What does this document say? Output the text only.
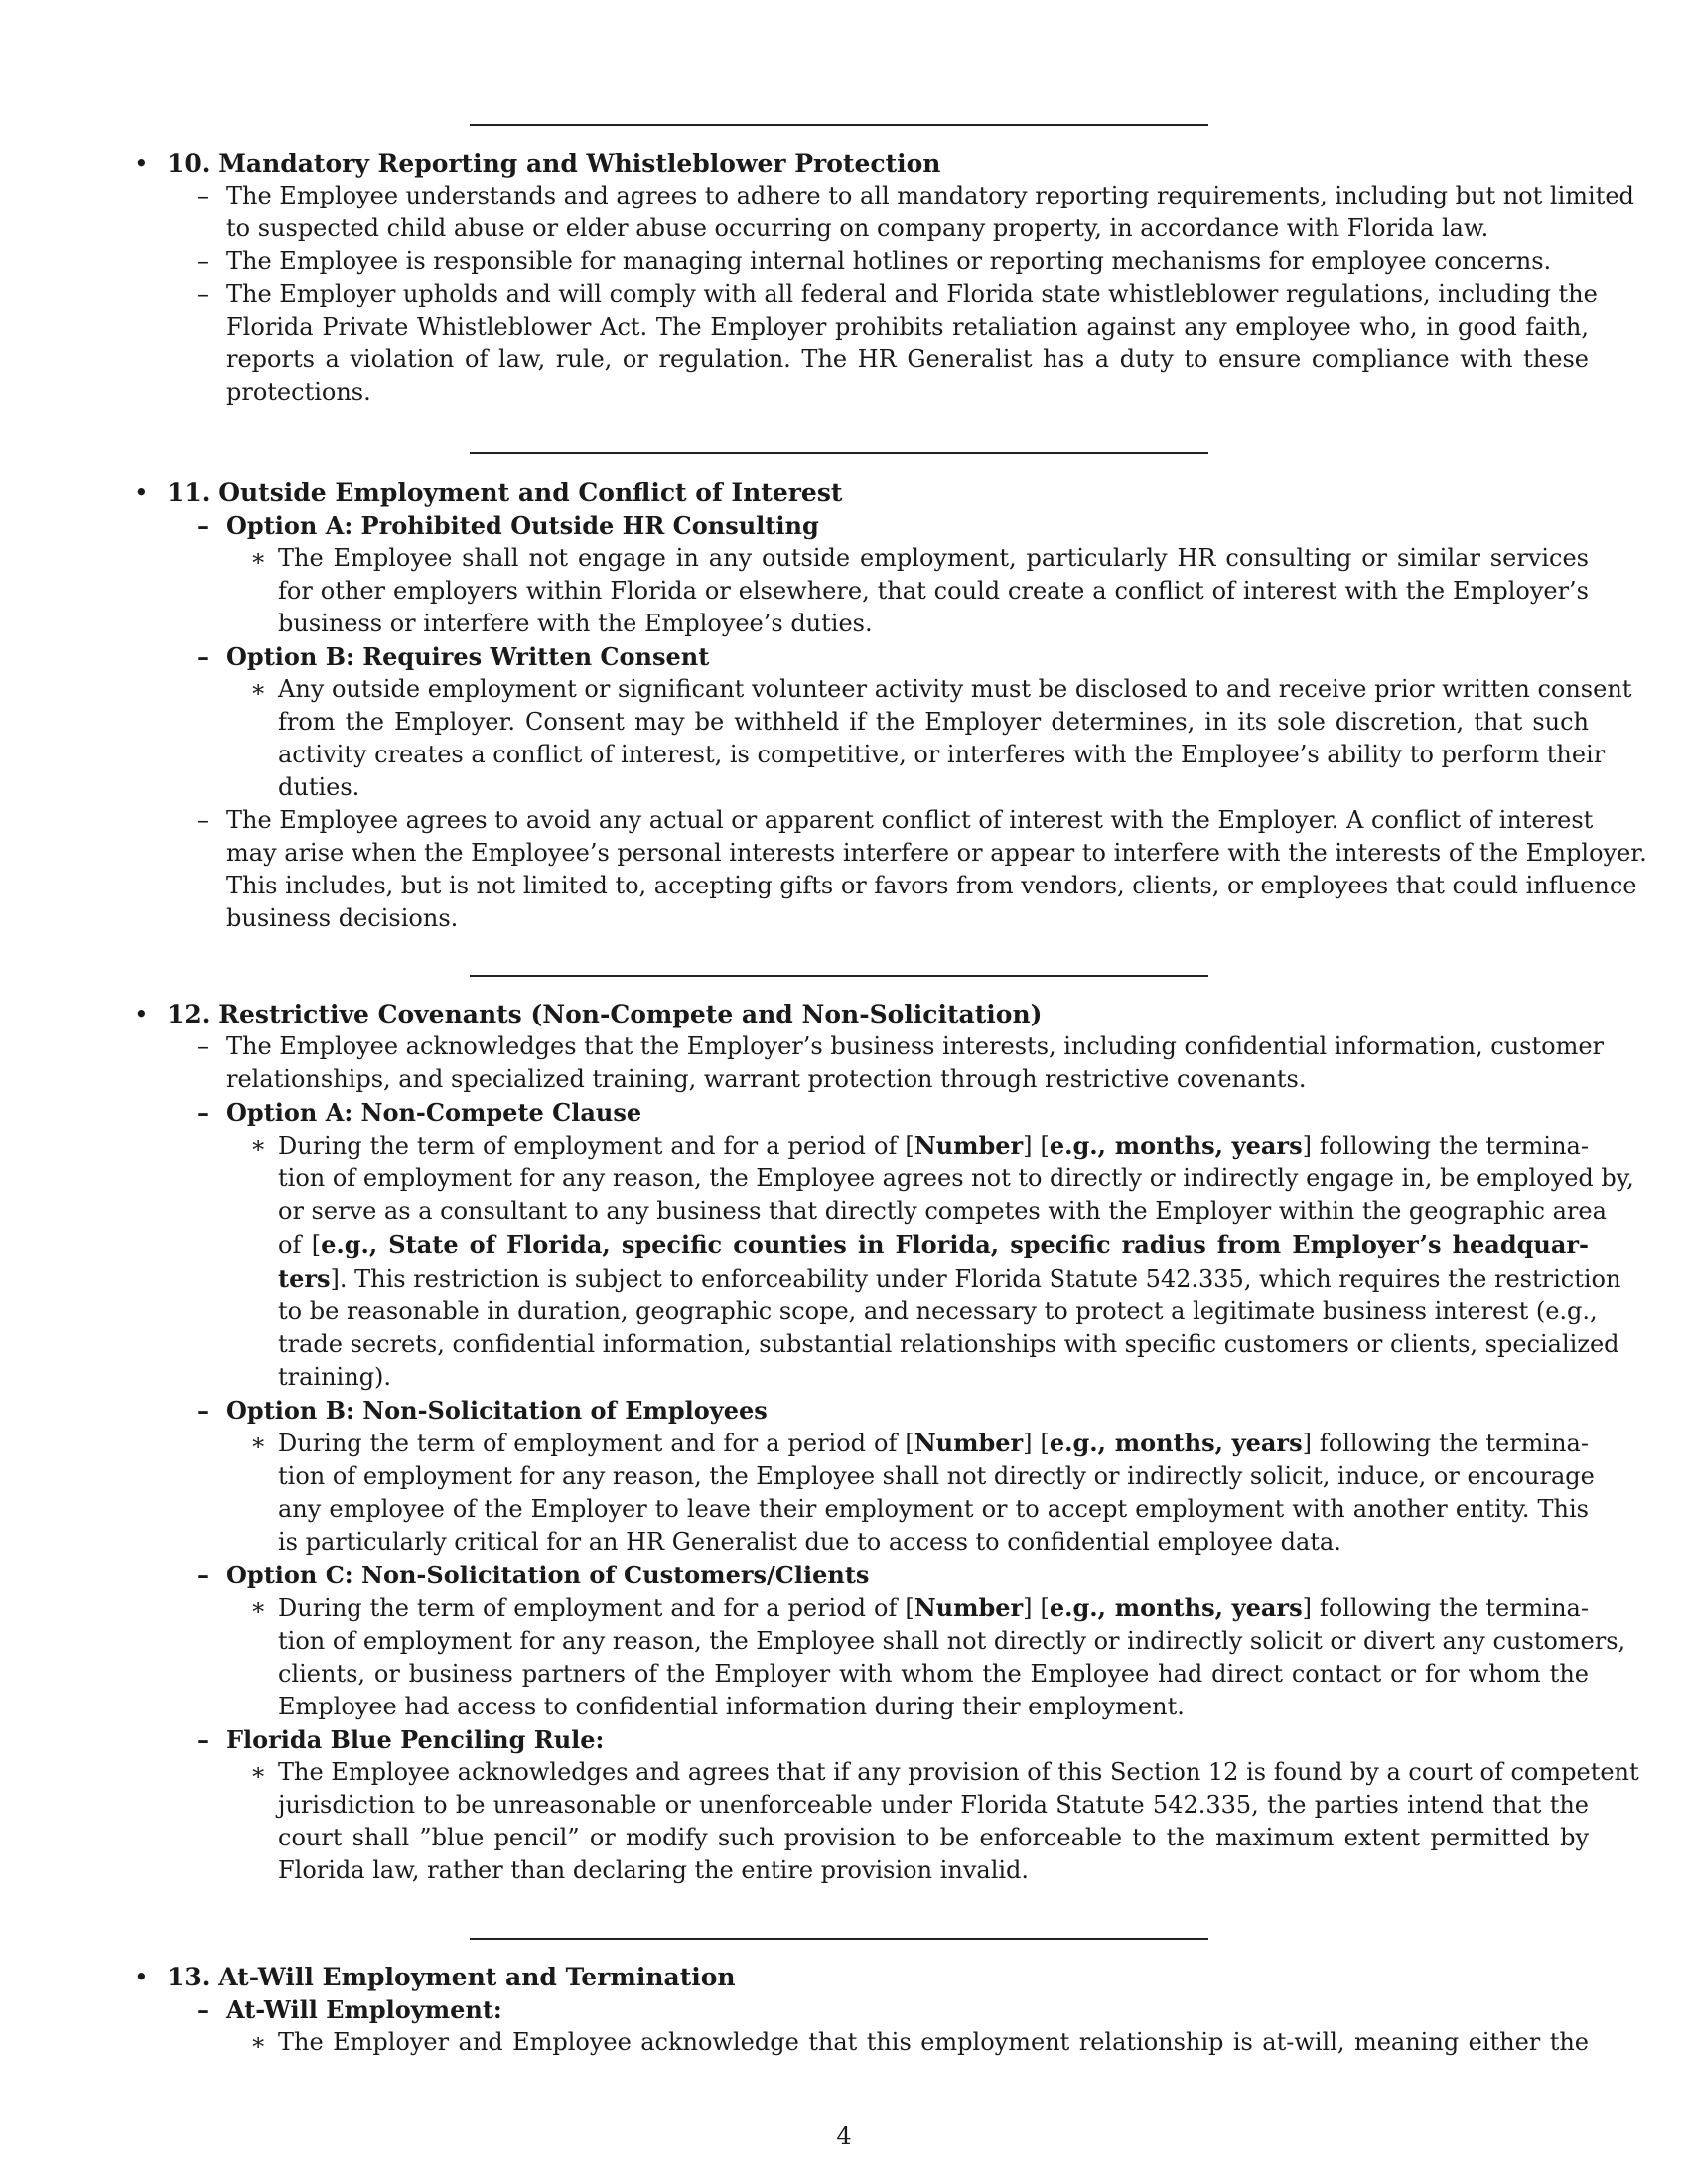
• 10. Mandatory Reporting and Whistleblower Protection
– The Employee understands and agrees to adhere to all mandatory reporting requirements, including but not limited
to suspected child abuse or elder abuse occurring on company property, in accordance with Florida law.
– The Employee is responsible for managing internal hotlines or reporting mechanisms for employee concerns.
– The Employer upholds and will comply with all federal and Florida state whistleblower regulations, including the
Florida Private Whistleblower Act. The Employer prohibits retaliation against any employee who, in good faith,
reports a violation of law, rule, or regulation. The HR Generalist has a duty to ensure compliance with these
protections.
• 11. Outside Employment and Conflict of Interest
– Option A: Prohibited Outside HR Consulting
∗ The Employee shall not engage in any outside employment, particularly HR consulting or similar services
for other employers within Florida or elsewhere, that could create a conflict of interest with the Employer’s
business or interfere with the Employee’s duties.
– Option B: Requires Written Consent
∗ Any outside employment or significant volunteer activity must be disclosed to and receive prior written consent
from the Employer. Consent may be withheld if the Employer determines, in its sole discretion, that such
activity creates a conflict of interest, is competitive, or interferes with the Employee’s ability to perform their
duties.
– The Employee agrees to avoid any actual or apparent conflict of interest with the Employer. A conflict of interest
may arise when the Employee’s personal interests interfere or appear to interfere with the interests of the Employer.
This includes, but is not limited to, accepting gifts or favors from vendors, clients, or employees that could influence
business decisions.
• 12. Restrictive Covenants (Non-Compete and Non-Solicitation)
– The Employee acknowledges that the Employer’s business interests, including confidential information, customer
relationships, and specialized training, warrant protection through restrictive covenants.
– Option A: Non-Compete Clause
∗ During the term of employment and for a period of [Number] [e.g., months, years] following the termina-
tion of employment for any reason, the Employee agrees not to directly or indirectly engage in, be employed by,
or serve as a consultant to any business that directly competes with the Employer within the geographic area
of [e.g., State of Florida, specific counties in Florida, specific radius from Employer’s headquar-
ters]. This restriction is subject to enforceability under Florida Statute 542.335, which requires the restriction
to be reasonable in duration, geographic scope, and necessary to protect a legitimate business interest (e.g.,
trade secrets, confidential information, substantial relationships with specific customers or clients, specialized
training).
– Option B: Non-Solicitation of Employees
∗ During the term of employment and for a period of [Number] [e.g., months, years] following the termina-
tion of employment for any reason, the Employee shall not directly or indirectly solicit, induce, or encourage
any employee of the Employer to leave their employment or to accept employment with another entity. This
is particularly critical for an HR Generalist due to access to confidential employee data.
– Option C: Non-Solicitation of Customers/Clients
∗ During the term of employment and for a period of [Number] [e.g., months, years] following the termina-
tion of employment for any reason, the Employee shall not directly or indirectly solicit or divert any customers,
clients, or business partners of the Employer with whom the Employee had direct contact or for whom the
Employee had access to confidential information during their employment.
– Florida Blue Penciling Rule:
∗ The Employee acknowledges and agrees that if any provision of this Section 12 is found by a court of competent
jurisdiction to be unreasonable or unenforceable under Florida Statute 542.335, the parties intend that the
court shall ”blue pencil” or modify such provision to be enforceable to the maximum extent permitted by
Florida law, rather than declaring the entire provision invalid.
• 13. At-Will Employment and Termination
– At-Will Employment:
∗ The Employer and Employee acknowledge that this employment relationship is at-will, meaning either the
4
